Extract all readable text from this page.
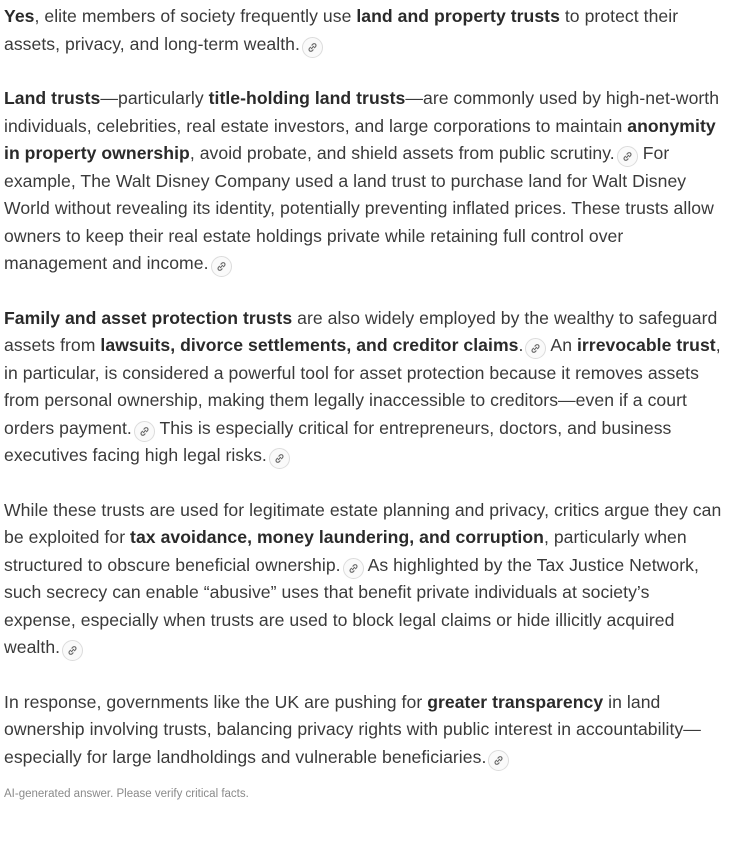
Yes, elite members of society frequently use land and property trusts to protect their assets, privacy, and long-term wealth.

Land trusts—particularly title-holding land trusts—are commonly used by high-net-worth individuals, celebrities, real estate investors, and large corporations to maintain anonymity in property ownership, avoid probate, and shield assets from public scrutiny.
For example, The Walt Disney Company used a land trust to purchase land for Walt Disney World without revealing its identity, potentially preventing inflated prices. These trusts allow owners to keep their real estate holdings private while retaining full control over management and income.

Family and asset protection trusts are also widely employed by the wealthy to safeguard assets from lawsuits, divorce settlements, and creditor claims.
An irrevocable trust, in particular, is considered a powerful tool for asset protection because it removes assets from personal ownership, making them legally inaccessible to creditors—even if a court orders payment.
This is especially critical for entrepreneurs, doctors, and business executives facing high legal risks.

While these trusts are used for legitimate estate planning and privacy, critics argue they can be exploited for tax avoidance, money laundering, and corruption, particularly when structured to obscure beneficial ownership.
As highlighted by the Tax Justice Network, such secrecy can enable “abusive” uses that benefit private individuals at society’s expense, especially when trusts are used to block legal claims or hide illicitly acquired wealth.

In response, governments like the UK are pushing for greater transparency in land ownership involving trusts, balancing privacy rights with public interest in accountability—especially for large landholdings and vulnerable beneficiaries.

AI-generated answer. Please verify critical facts.
